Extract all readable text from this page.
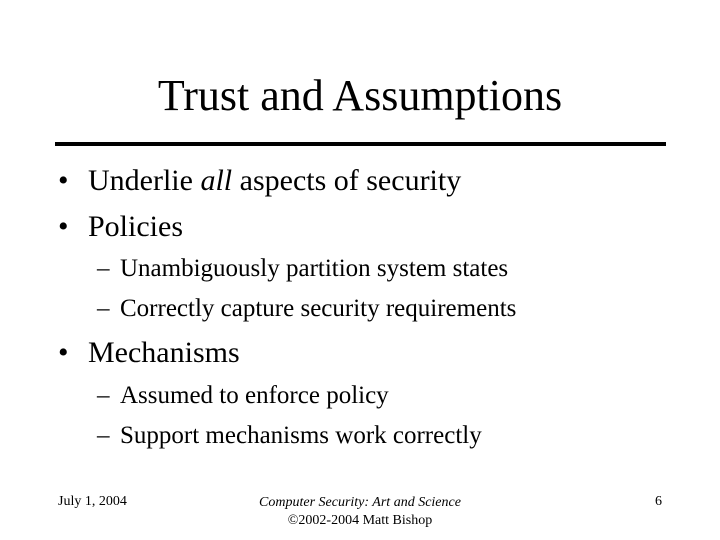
Trust and Assumptions
• Underlie all aspects of security
• Policies
– Unambiguously partition system states
– Correctly capture security requirements
• Mechanisms
– Assumed to enforce policy
– Support mechanisms work correctly
July 1, 2004	Computer Security: Art and Science
©2002-2004 Matt Bishop
6
